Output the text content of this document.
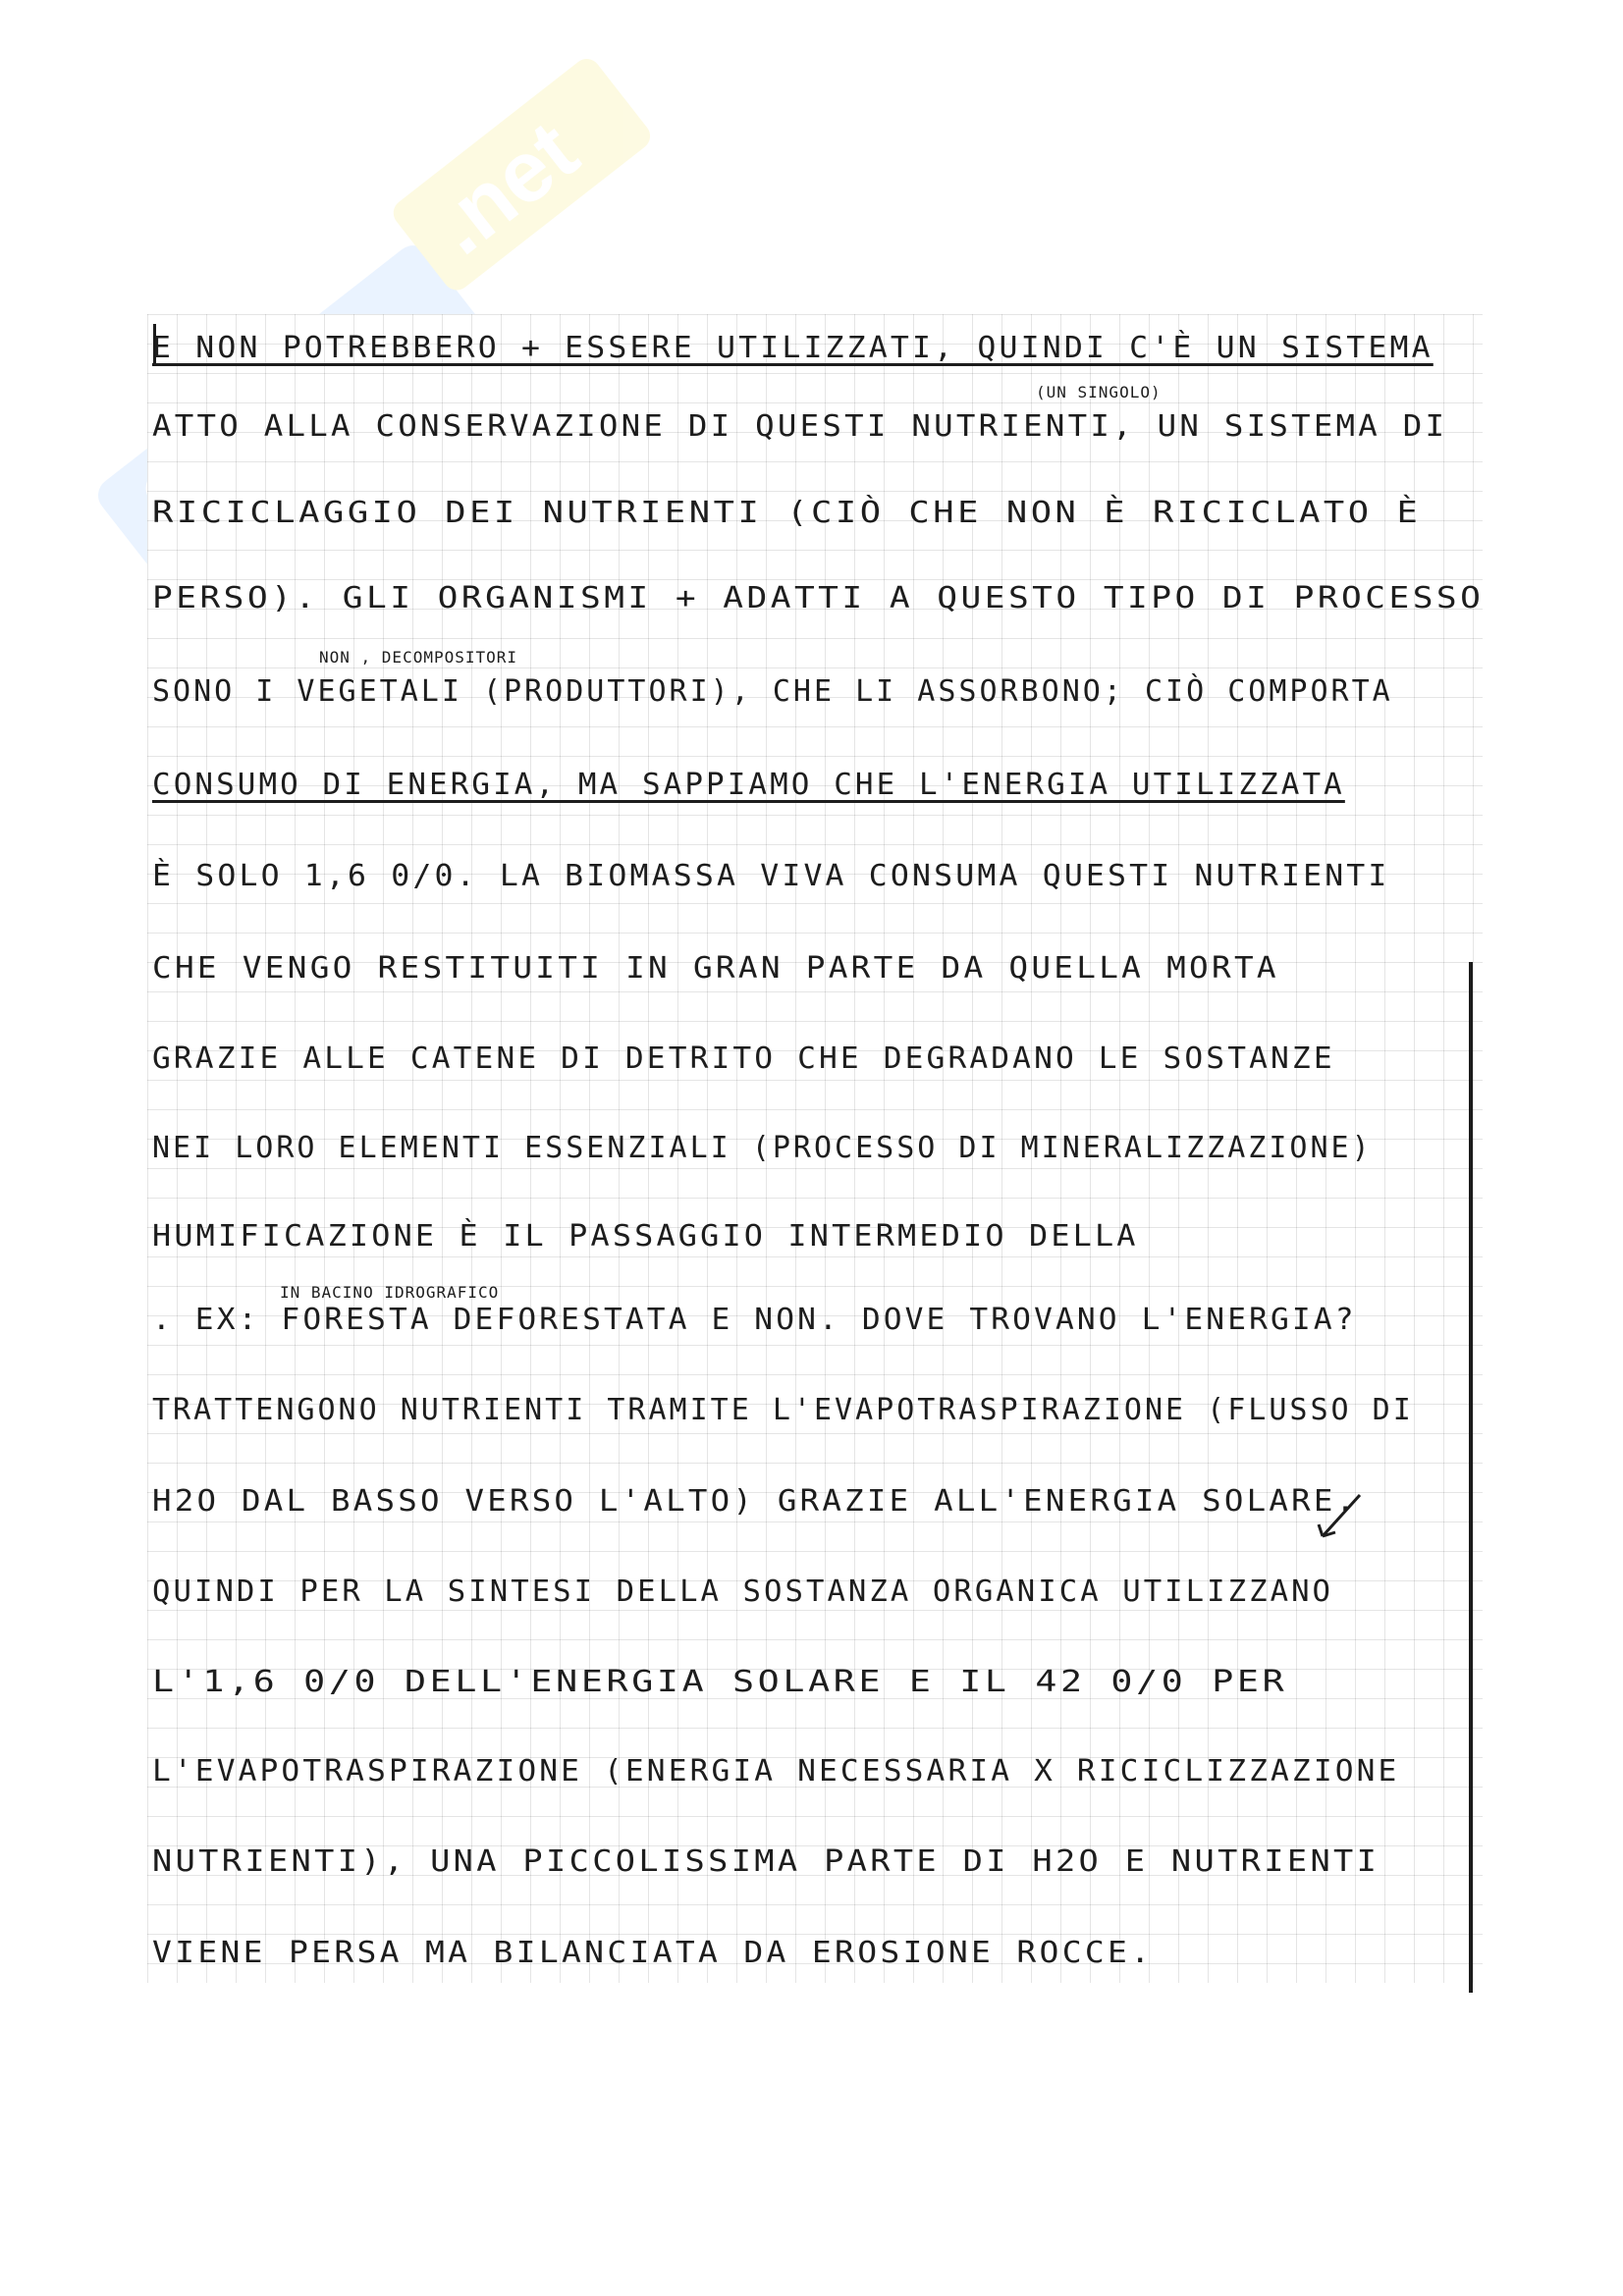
.net
E NON POTREBBERO + ESSERE UTILIZZATI, QUINDI C'È UN SISTEMA
(UN SINGOLO)
ATTO ALLA CONSERVAZIONE DI QUESTI NUTRIENTI, UN SISTEMA DI
RICICLAGGIO DEI NUTRIENTI (CIÒ CHE NON È RICICLATO È
PERSO). GLI ORGANISMI + ADATTI A QUESTO TIPO DI PROCESSO
NON , DECOMPOSITORI
SONO I VEGETALI (PRODUTTORI), CHE LI ASSORBONO; CIÒ COMPORTA
CONSUMO DI ENERGIA, MA SAPPIAMO CHE L'ENERGIA UTILIZZATA
È SOLO 1,6 0/0. LA BIOMASSA VIVA CONSUMA QUESTI NUTRIENTI
CHE VENGO RESTITUITI IN GRAN PARTE DA QUELLA MORTA
GRAZIE ALLE CATENE DI DETRITO CHE DEGRADANO LE SOSTANZE
NEI LORO ELEMENTI ESSENZIALI (PROCESSO DI MINERALIZZAZIONE)
HUMIFICAZIONE È IL PASSAGGIO INTERMEDIO DELLA
IN BACINO IDROGRAFICO
. EX: FORESTA DEFORESTATA E NON. DOVE TROVANO L'ENERGIA?
TRATTENGONO NUTRIENTI TRAMITE L'EVAPOTRASPIRAZIONE (FLUSSO DI
H2O DAL BASSO VERSO L'ALTO) GRAZIE ALL'ENERGIA SOLARE.
QUINDI PER LA SINTESI DELLA SOSTANZA ORGANICA UTILIZZANO
L'1,6 0/0 DELL'ENERGIA SOLARE E IL 42 0/0 PER
L'EVAPOTRASPIRAZIONE (ENERGIA NECESSARIA X RICICLIZZAZIONE
NUTRIENTI), UNA PICCOLISSIMA PARTE DI H2O E NUTRIENTI
VIENE PERSA MA BILANCIATA DA EROSIONE ROCCE.
